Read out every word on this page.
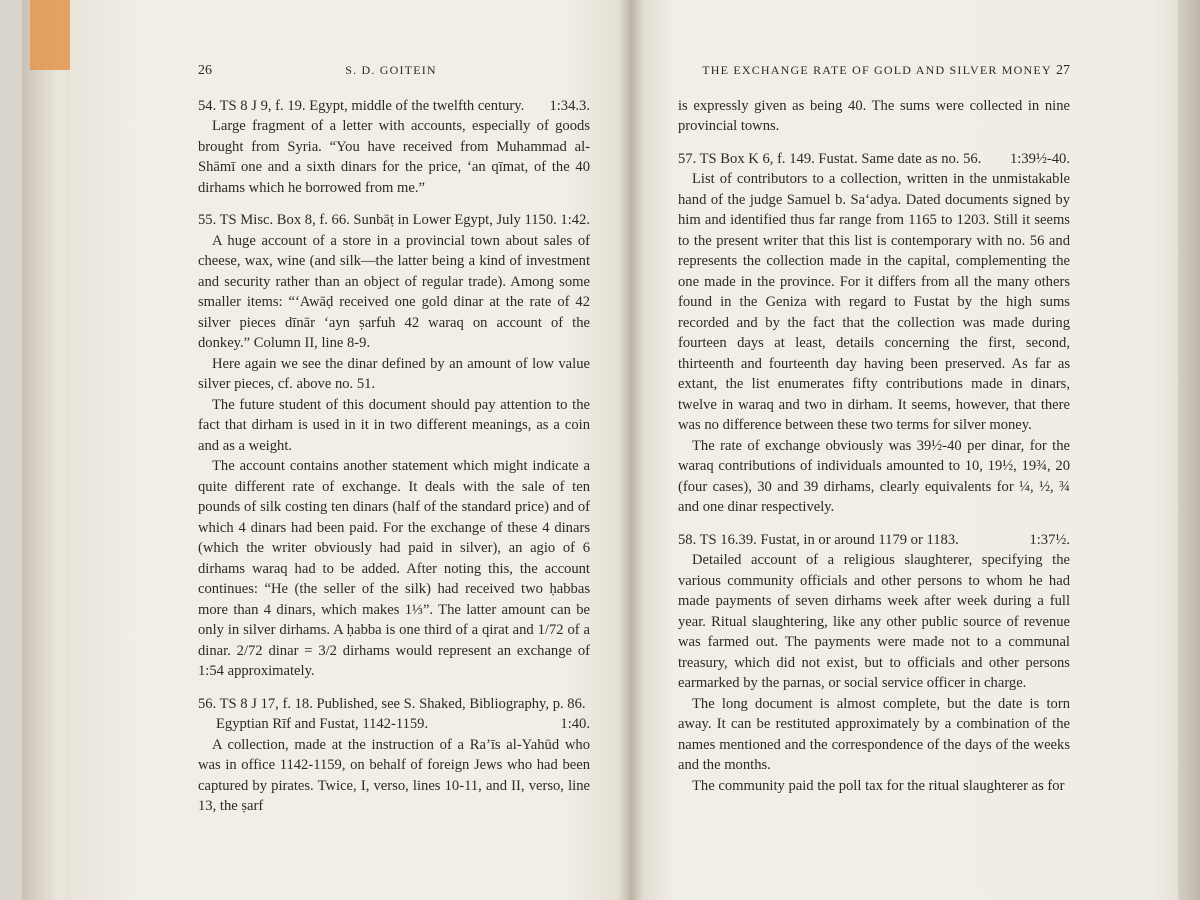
26	S. D. GOITEIN
54. TS 8 J 9, f. 19. Egypt, middle of the twelfth century. 1:34.3.

Large fragment of a letter with accounts, especially of goods brought from Syria. “You have received from Muhammad al-Shāmī one and a sixth dinars for the price, ‘an qīmat, of the 40 dirhams which he borrowed from me.”

55. TS Misc. Box 8, f. 66. Sunbāṭ in Lower Egypt, July 1150. 1:42.

A huge account of a store in a provincial town about sales of cheese, wax, wine (and silk—the latter being a kind of investment and security rather than an object of regular trade). Among some smaller items: “‘Awāḍ received one gold dinar at the rate of 42 silver pieces dīnār ‘ayn ṣarfuh 42 waraq on account of the donkey.” Column II, line 8-9.

Here again we see the dinar defined by an amount of low value silver pieces, cf. above no. 51.

The future student of this document should pay attention to the fact that dirham is used in it in two different meanings, as a coin and as a weight.

The account contains another statement which might indicate a quite different rate of exchange. It deals with the sale of ten pounds of silk costing ten dinars (half of the standard price) and of which 4 dinars had been paid. For the exchange of these 4 dinars (which the writer obviously had paid in silver), an agio of 6 dirhams waraq had to be added. After noting this, the account continues: “He (the seller of the silk) had received two ḥabbas more than 4 dinars, which makes 1⅓”. The latter amount can be only in silver dirhams. A ḥabba is one third of a qirat and 1/72 of a dinar. 2/72 dinar = 3/2 dirhams would represent an exchange of 1:54 approximately.

56. TS 8 J 17, f. 18. Published, see S. Shaked, Bibliography, p. 86.
Egyptian Rīf and Fustat, 1142-1159.	1:40.

A collection, made at the instruction of a Ra’īs al-Yahūd who was in office 1142-1159, on behalf of foreign Jews who had been captured by pirates. Twice, I, verso, lines 10-11, and II, verso, line 13, the ṣarf

THE EXCHANGE RATE OF GOLD AND SILVER MONEY 27

is expressly given as being 40. The sums were collected in nine provincial towns.

57. TS Box K 6, f. 149. Fustat. Same date as no. 56. 1:39½-40.

List of contributors to a collection, written in the unmistakable hand of the judge Samuel b. Sa‘adya. Dated documents signed by him and identified thus far range from 1165 to 1203. Still it seems to the present writer that this list is contemporary with no. 56 and represents the collection made in the capital, complementing the one made in the province. For it differs from all the many others found in the Geniza with regard to Fustat by the high sums recorded and by the fact that the collection was made during fourteen days at least, details concerning the first, second, thirteenth and fourteenth day having been preserved. As far as extant, the list enumerates fifty contributions made in dinars, twelve in waraq and two in dirham. It seems, however, that there was no difference between these two terms for silver money.

The rate of exchange obviously was 39½-40 per dinar, for the waraq contributions of individuals amounted to 10, 19½, 19¾, 20 (four cases), 30 and 39 dirhams, clearly equivalents for ¼, ½, ¾ and one dinar respectively.

58. TS 16.39. Fustat, in or around 1179 or 1183.	1:37½.

Detailed account of a religious slaughterer, specifying the various community officials and other persons to whom he had made payments of seven dirhams week after week during a full year. Ritual slaughtering, like any other public source of revenue was farmed out. The payments were made not to a communal treasury, which did not exist, but to officials and other persons earmarked by the parnas, or social service officer in charge.

The long document is almost complete, but the date is torn away. It can be restituted approximately by a combination of the names mentioned and the correspondence of the days of the weeks and the months.

The community paid the poll tax for the ritual slaughterer as for
